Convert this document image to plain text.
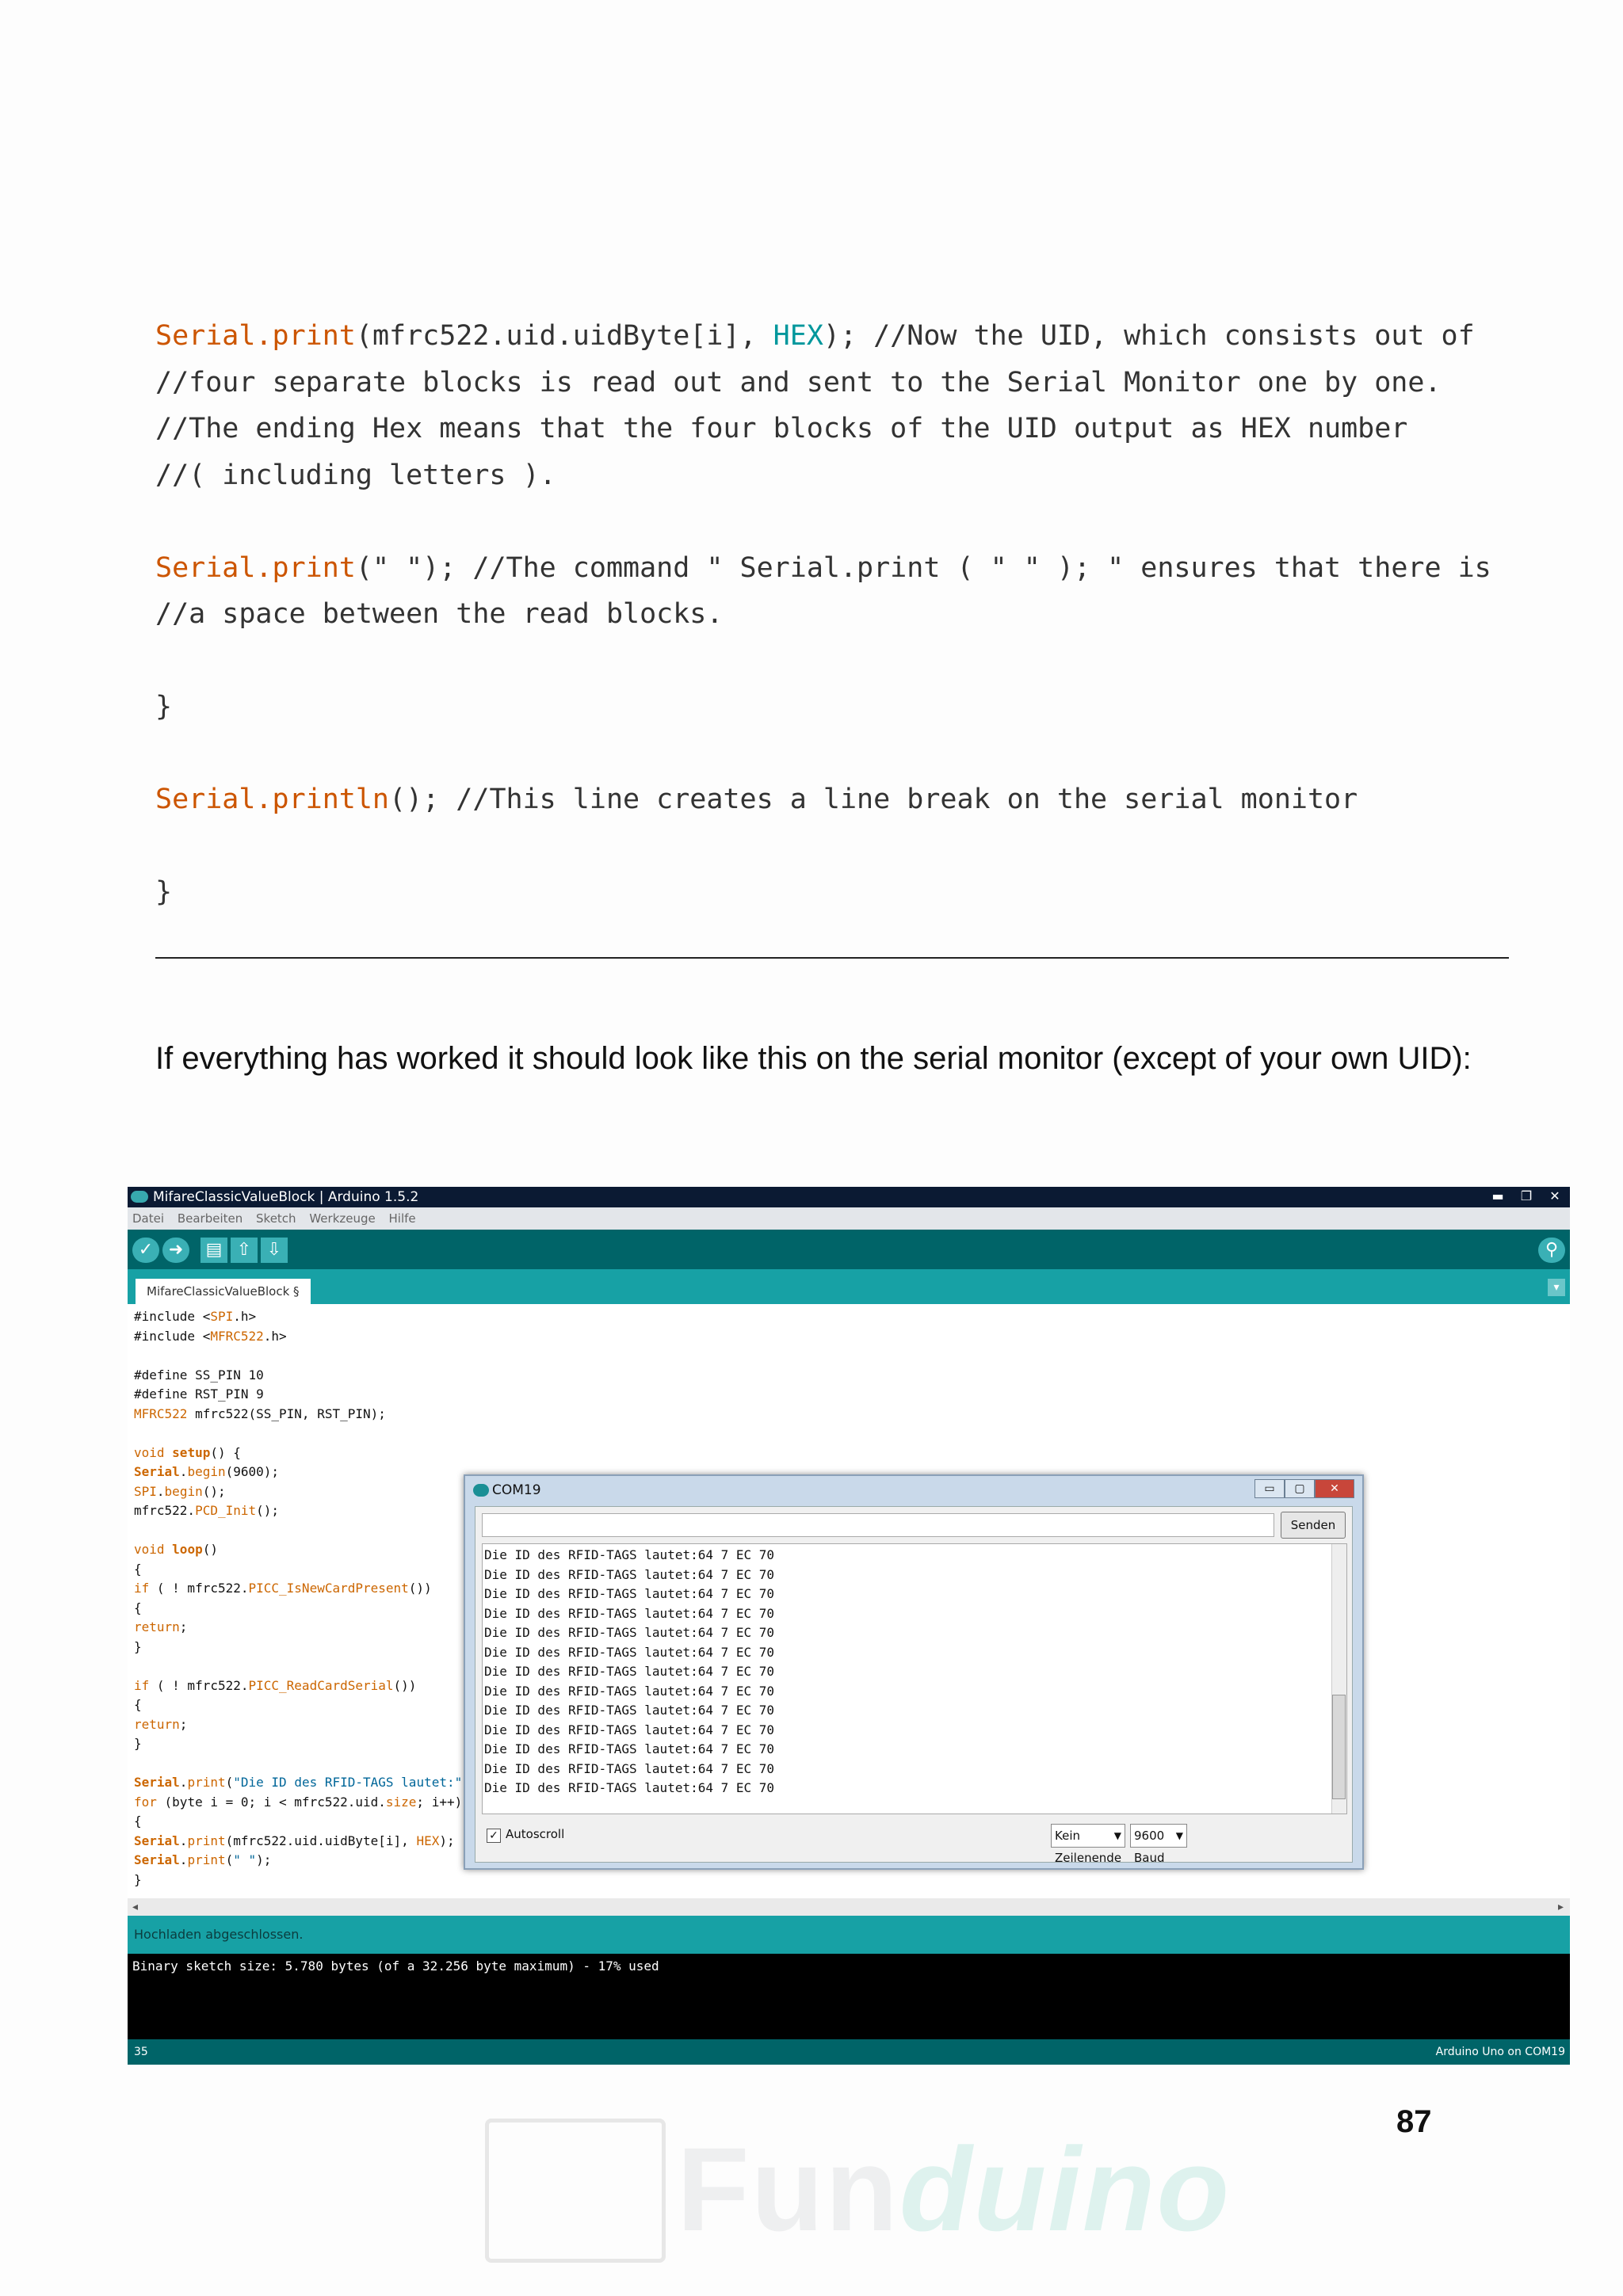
Serial.print(mfrc522.uid.uidByte[i], HEX); //Now the UID, which consists out of
//four separate blocks is read out and sent to the Serial Monitor one by one.
//The ending Hex means that the four blocks of the UID output as HEX number
//( including letters ).
Serial.print(" "); //The command " Serial.print ( " " ); " ensures that there is
//a space between the read blocks.
}
Serial.println(); //This line creates a line break on the serial monitor
}
If everything has worked it should look like this on the serial monitor (except of your own UID):
MifareClassicValueBlock | Arduino 1.5.2	▬	❐	✕
Datei Bearbeiten Sketch Werkzeuge Hilfe
✓ ➜	▤ ⇧ ⇩	⚲
MifareClassicValueBlock §	▾
#include <SPI.h>
#include <MFRC522.h>

#define SS_PIN 10
#define RST_PIN 9
MFRC522 mfrc522(SS_PIN, RST_PIN);

void setup() {
Serial.begin(9600);
SPI.begin();
mfrc522.PCD_Init();

void loop()
{
if ( ! mfrc522.PICC_IsNewCardPresent())
{
return;
}

if ( ! mfrc522.PICC_ReadCardSerial())
{
return;
}

Serial.print("Die ID des RFID-TAGS lautet:"
for (byte i = 0; i < mfrc522.uid.size; i++)
{
Serial.print(mfrc522.uid.uidByte[i], HEX);
Serial.print(" ");
}
COM19	▭	▢	✕
Senden
Die ID des RFID-TAGS lautet:64 7 EC 70
Die ID des RFID-TAGS lautet:64 7 EC 70
Die ID des RFID-TAGS lautet:64 7 EC 70
Die ID des RFID-TAGS lautet:64 7 EC 70
Die ID des RFID-TAGS lautet:64 7 EC 70
Die ID des RFID-TAGS lautet:64 7 EC 70
Die ID des RFID-TAGS lautet:64 7 EC 70
Die ID des RFID-TAGS lautet:64 7 EC 70
Die ID des RFID-TAGS lautet:64 7 EC 70
Die ID des RFID-TAGS lautet:64 7 EC 70
Die ID des RFID-TAGS lautet:64 7 EC 70
Die ID des RFID-TAGS lautet:64 7 EC 70
Die ID des RFID-TAGS lautet:64 7 EC 70
✓ Autoscroll	Kein Zeilenende
▼	9600 Baud
▼
◂	▸
Hochladen abgeschlossen.
Binary sketch size: 5.780 bytes (of a 32.256 byte maximum) - 17% used
35	Arduino Uno on COM19
87
Funduino
